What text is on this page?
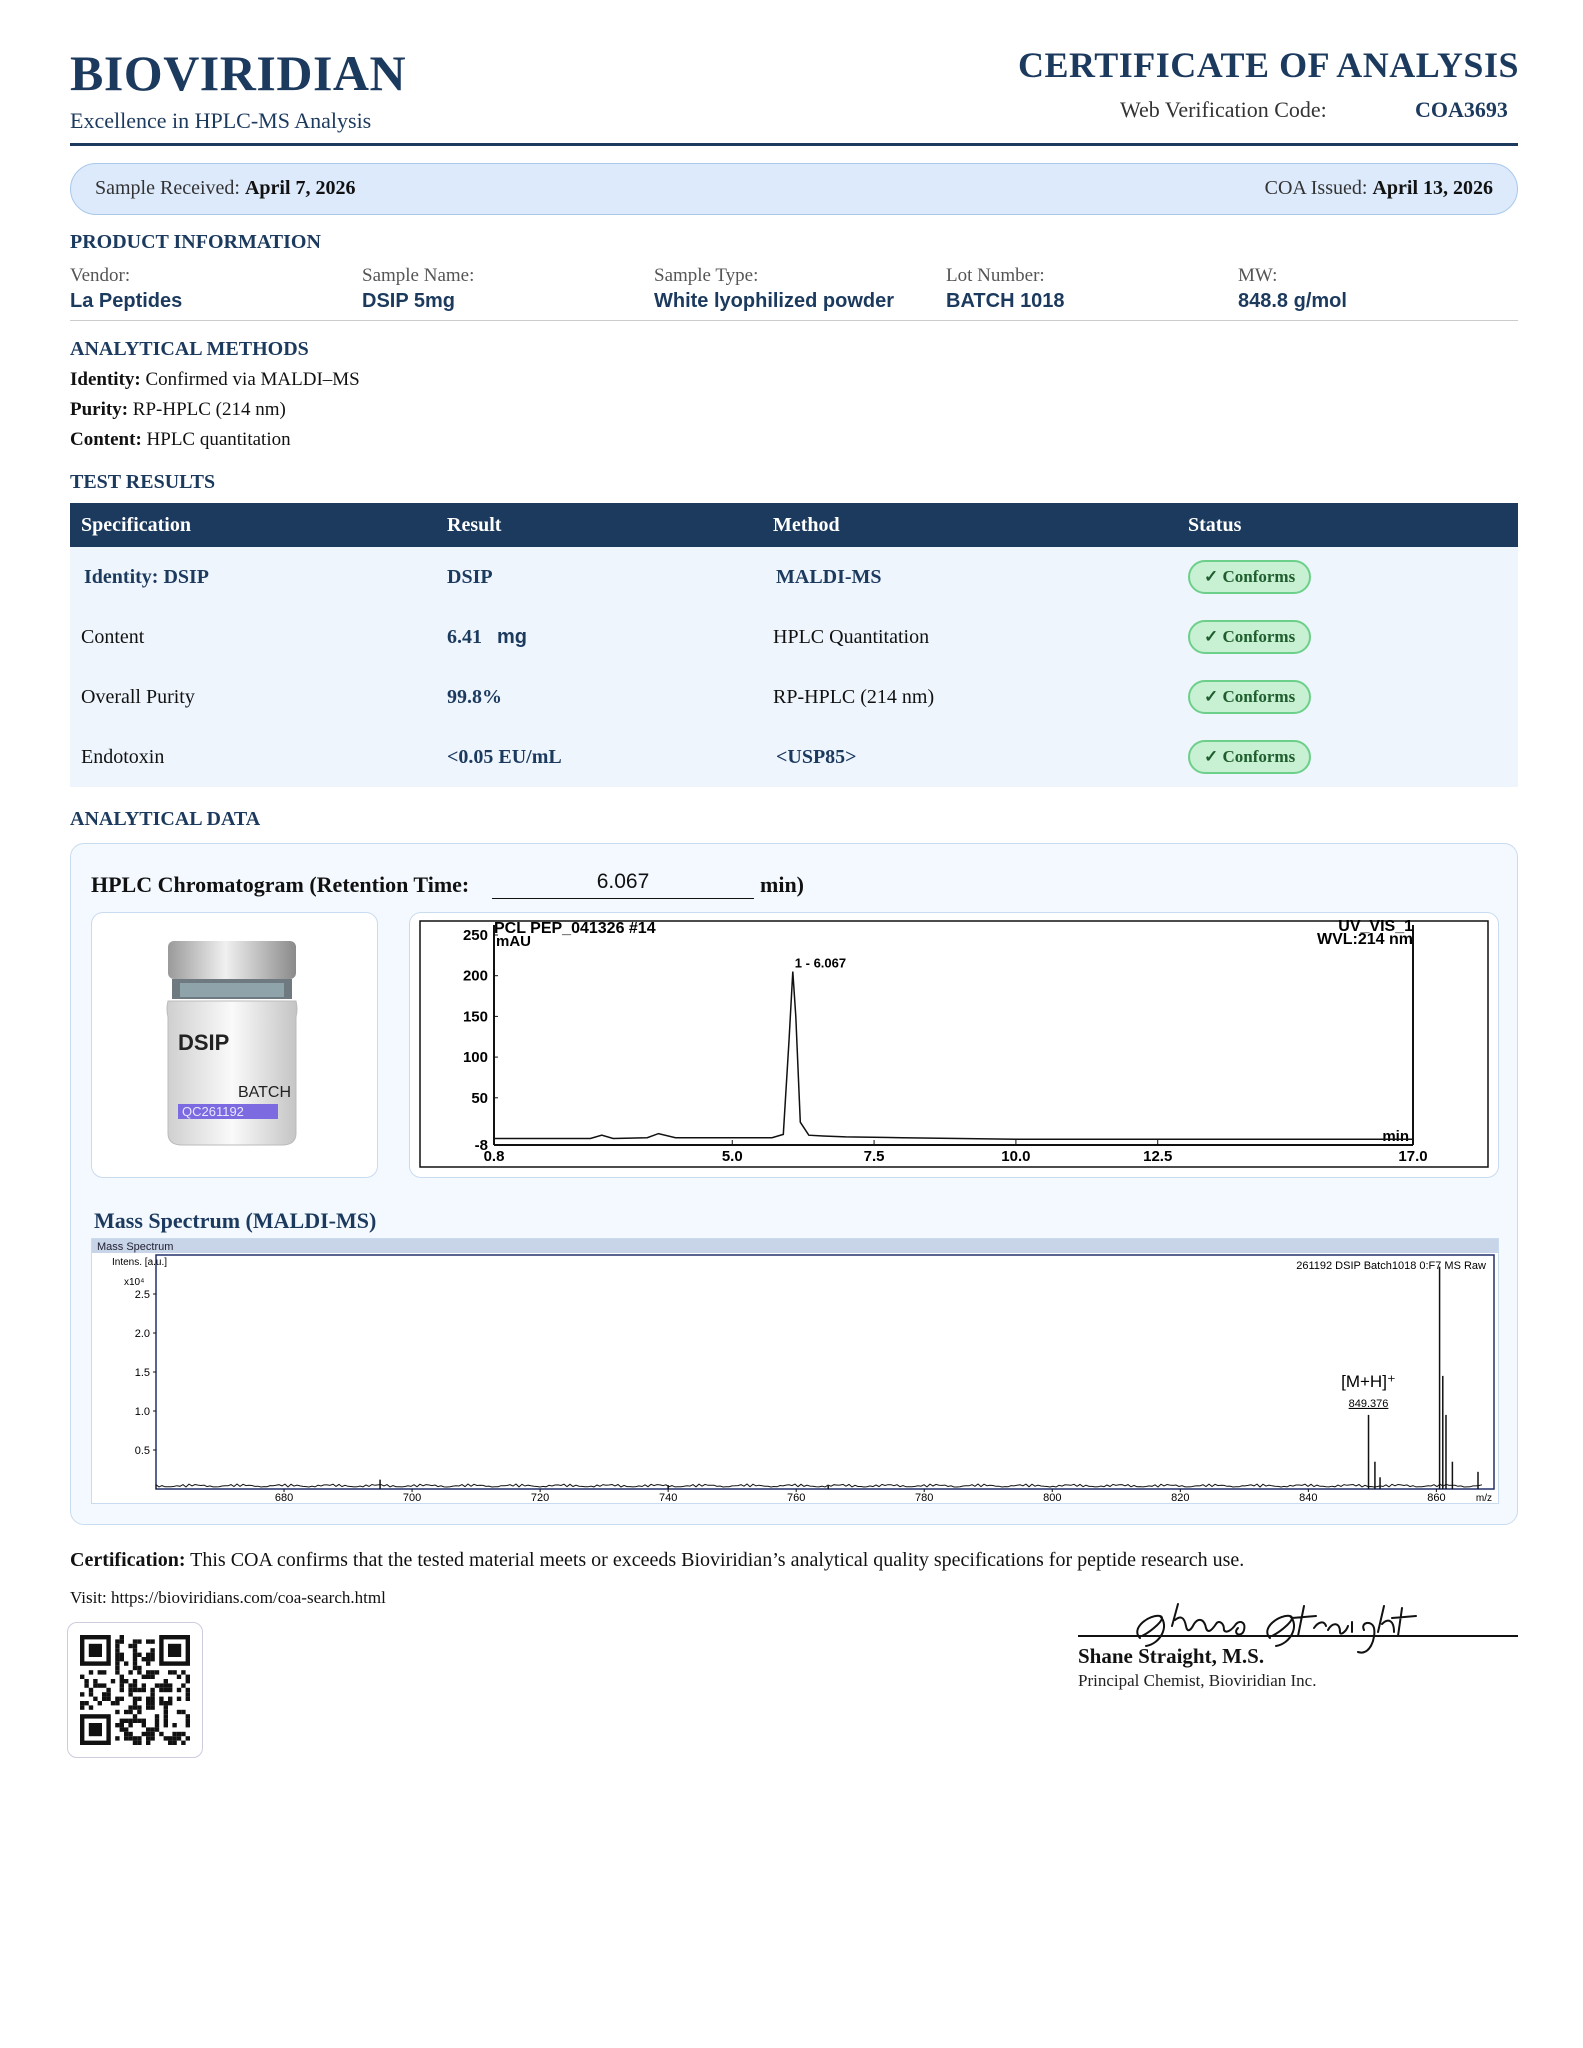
BIOVIRIDIAN
Excellence in HPLC-MS Analysis
CERTIFICATE OF ANALYSIS
Web Verification Code:	COA3693
Sample Received: April 7, 2026	COA Issued: April 13, 2026
PRODUCT INFORMATION
Vendor:
La Peptides
Sample Name:
DSIP 5mg
Sample Type:
White lyophilized powder
Lot Number:
BATCH 1018
MW:
848.8 g/mol
ANALYTICAL METHODS
Identity: Confirmed via MALDI–MS
Purity: RP-HPLC (214 nm)
Content: HPLC quantitation
TEST RESULTS
Specification	Result	Method	Status
Identity: DSIP	DSIP	MALDI-MS	✓ Conforms
Content	6.41 mg	HPLC Quantitation	✓ Conforms
Overall Purity	99.8%	RP-HPLC (214 nm)	✓ Conforms
Endotoxin	<0.05 EU/mL	<USP85>	✓ Conforms
ANALYTICAL DATA
HPLC Chromatogram (Retention Time:	6.067	min)
DSIP
BATCH
QC261192
PCL PEP_041326 #14	UV_VIS_1
WVL:214 nm
mAU
250
200
150
100
50
-8
0.8	5.0	7.5	10.0	12.5	17.0
min
1 - 6.067
Mass Spectrum (MALDI-MS)
Mass Spectrum
Intens. [a.u.]
x10⁴
2.5
2.0
1.5
1.0
0.5
680	700	720	740	760	780	800	820	840	860	m/z
261192 DSIP Batch1018 0:F7 MS Raw
849.376
[M+H]⁺
Certification: This COA confirms that the tested material meets or exceeds Bioviridian’s analytical quality specifications for peptide research use.
Visit: https://bioviridians.com/coa-search.html
Shane Straight, M.S.
Principal Chemist, Bioviridian Inc.
